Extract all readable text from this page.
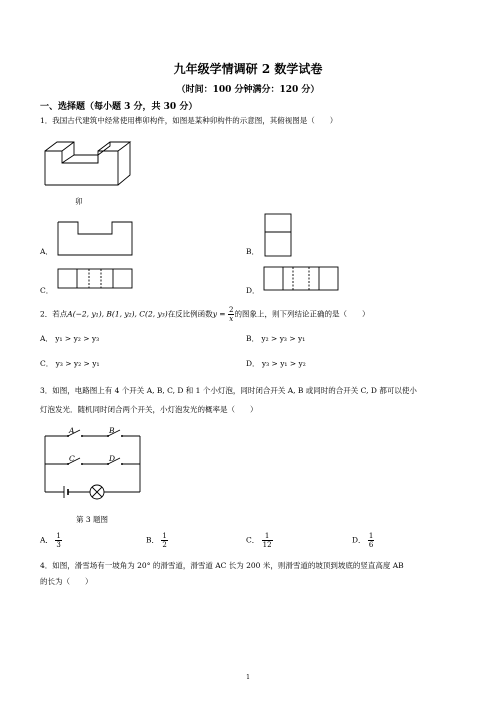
九年级学情调研 2 数学试卷
（时间：100 分钟满分：120 分）
一、选择题（每小题 3 分，共 30 分）
1．我国古代建筑中经常使用榫卯构件，如图是某种卯构件的示意图，其俯视图是（　　）
卯
A．	B．
C．	D．
2．若点A(−2, y₁), B(1, y₂), C(2, y₃)在反比例函数$y = \frac{2}{x}$ 的图象上，则下列结论正确的是（　　）
A． y₁ > y₂ > y₃	B． y₂ > y₃ > y₁
C． y₃ > y₂ > y₁	D． y₃ > y₁ > y₂
3．如图，电路图上有 4 个开关 A, B, C, D 和 1 个小灯泡，同时闭合开关 A, B 或同时的合开关 C, D 都可以使小
灯泡发光．随机同时闭合两个开关，小灯泡发光的概率是（　　）
A	B
C	D
第 3 题图
A． $\frac{1}{3}$	B． $\frac{1}{2}$	C． $\frac{1}{12}$	D． $\frac{1}{6}$
4．如图，滑雪场有一坡角为 20° 的滑雪道，滑雪道 AC 长为 200 米，则滑雪道的坡顶到坡底的竖直高度 AB
的长为（　　）
1
